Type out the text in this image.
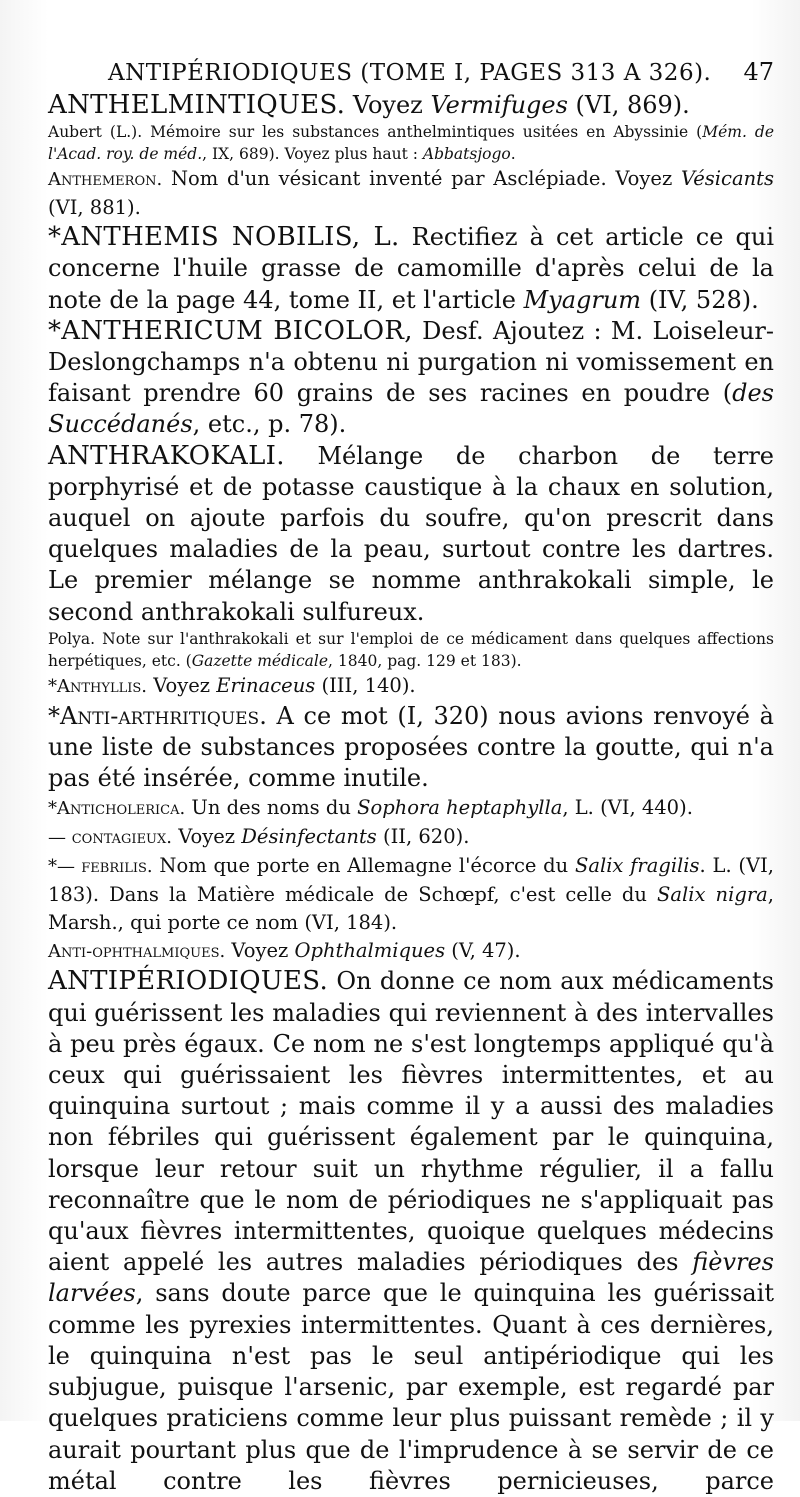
ANTIPÉRIODIQUES (TOME I, PAGES 313 A 326). 47

ANTHELMINTIQUES. Voyez Vermifuges (VI, 869).

Aubert (L.). Mémoire sur les substances anthelmintiques usitées en Abyssinie (Mém. de l'Acad. roy. de méd., IX, 689). Voyez plus haut : Abbatsjogo.

Anthemeron. Nom d'un vésicant inventé par Asclépiade. Voyez Vésicants (VI, 881).

*ANTHEMIS NOBILIS, L. Rectifiez à cet article ce qui concerne l'huile grasse de camomille d'après celui de la note de la page 44, tome II, et l'article Myagrum (IV, 528).

*ANTHERICUM BICOLOR, Desf. Ajoutez : M. Loiseleur-Deslongchamps n'a obtenu ni purgation ni vomissement en faisant prendre 60 grains de ses racines en poudre (des Succédanés, etc., p. 78).

ANTHRAKOKALI. Mélange de charbon de terre porphyrisé et de potasse caustique à la chaux en solution, auquel on ajoute parfois du soufre, qu'on prescrit dans quelques maladies de la peau, surtout contre les dartres. Le premier mélange se nomme anthrakokali simple, le second anthrakokali sulfureux.

Polya. Note sur l'anthrakokali et sur l'emploi de ce médicament dans quelques affections herpétiques, etc. (Gazette médicale, 1840, pag. 129 et 183).

*Anthyllis. Voyez Erinaceus (III, 140).

*Anti-arthritiques. A ce mot (I, 320) nous avions renvoyé à une liste de substances proposées contre la goutte, qui n'a pas été insérée, comme inutile.

*Anticholerica. Un des noms du Sophora heptaphylla, L. (VI, 440).

— contagieux. Voyez Désinfectants (II, 620).

*— febrilis. Nom que porte en Allemagne l'écorce du Salix fragilis. L. (VI, 183). Dans la Matière médicale de Schœpf, c'est celle du Salix nigra, Marsh., qui porte ce nom (VI, 184).

Anti-ophthalmiques. Voyez Ophthalmiques (V, 47).

ANTIPÉRIODIQUES. On donne ce nom aux médicaments qui guérissent les maladies qui reviennent à des intervalles à peu près égaux. Ce nom ne s'est longtemps appliqué qu'à ceux qui guérissaient les fièvres intermittentes, et au quinquina surtout ; mais comme il y a aussi des maladies non fébriles qui guérissent également par le quinquina, lorsque leur retour suit un rhythme régulier, il a fallu reconnaître que le nom de périodiques ne s'appliquait pas qu'aux fièvres intermittentes, quoique quelques médecins aient appelé les autres maladies périodiques des fièvres larvées, sans doute parce que le quinquina les guérissait comme les pyrexies intermittentes. Quant à ces dernières, le quinquina n'est pas le seul antipériodique qui les subjugue, puisque l'arsenic, par exemple, est regardé par quelques praticiens comme leur plus puissant remède ; il y aurait pourtant plus que de l'imprudence à se servir de ce métal contre les fièvres pernicieuses, parce
